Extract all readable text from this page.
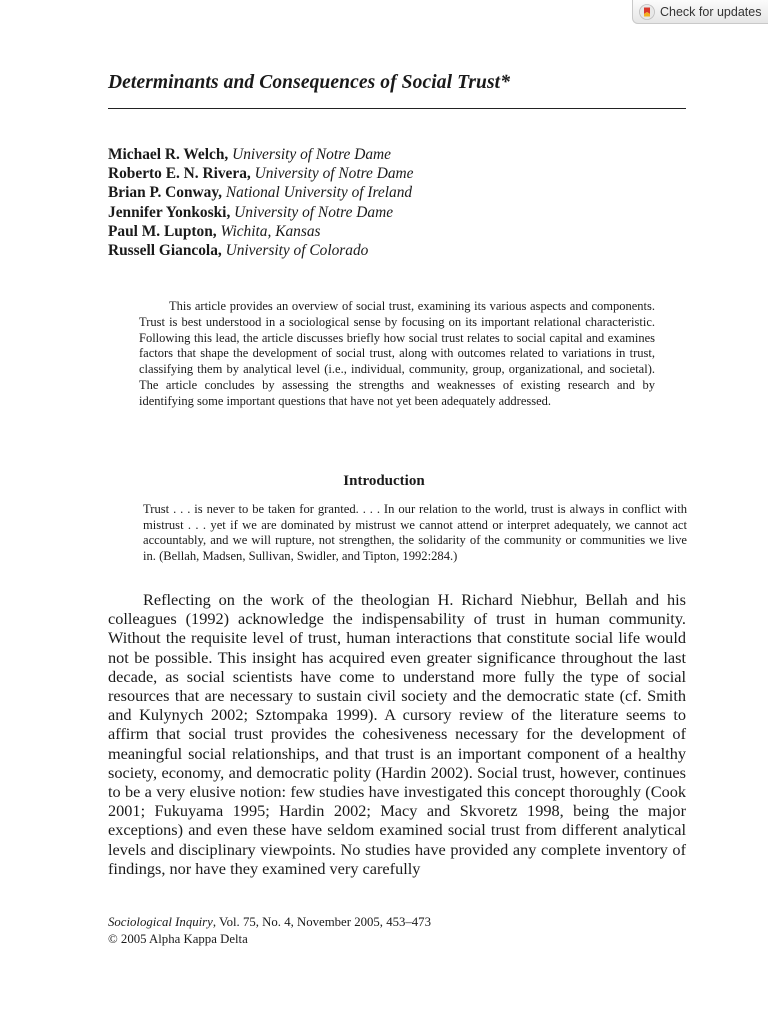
Check for updates
Determinants and Consequences of Social Trust*
Michael R. Welch, University of Notre Dame
Roberto E. N. Rivera, University of Notre Dame
Brian P. Conway, National University of Ireland
Jennifer Yonkoski, University of Notre Dame
Paul M. Lupton, Wichita, Kansas
Russell Giancola, University of Colorado

This article provides an overview of social trust, examining its various aspects and components. Trust is best understood in a sociological sense by focusing on its important relational characteristic. Following this lead, the article discusses briefly how social trust relates to social capital and examines factors that shape the development of social trust, along with outcomes related to variations in trust, classifying them by analytical level (i.e., individual, community, group, organizational, and societal). The article concludes by assessing the strengths and weaknesses of existing research and by identifying some important questions that have not yet been adequately addressed.

Introduction

Trust . . . is never to be taken for granted. . . . In our relation to the world, trust is always in conflict with mistrust . . . yet if we are dominated by mistrust we cannot attend or interpret adequately, we cannot act accountably, and we will rupture, not strengthen, the solidarity of the community or communities we live in. (Bellah, Madsen, Sullivan, Swidler, and Tipton, 1992:284.)

Reflecting on the work of the theologian H. Richard Niebhur, Bellah and his colleagues (1992) acknowledge the indispensability of trust in human community. Without the requisite level of trust, human interactions that constitute social life would not be possible. This insight has acquired even greater significance throughout the last decade, as social scientists have come to understand more fully the type of social resources that are necessary to sustain civil society and the democratic state (cf. Smith and Kulynych 2002; Sztompaka 1999). A cursory review of the literature seems to affirm that social trust provides the cohesiveness necessary for the development of meaningful social relationships, and that trust is an important component of a healthy society, economy, and democratic polity (Hardin 2002). Social trust, however, continues to be a very elusive notion: few studies have investigated this concept thoroughly (Cook 2001; Fukuyama 1995; Hardin 2002; Macy and Skvoretz 1998, being the major exceptions) and even these have seldom examined social trust from different analytical levels and disciplinary viewpoints. No studies have provided any complete inventory of findings, nor have they examined very carefully

Sociological Inquiry, Vol. 75, No. 4, November 2005, 453–473
© 2005 Alpha Kappa Delta
